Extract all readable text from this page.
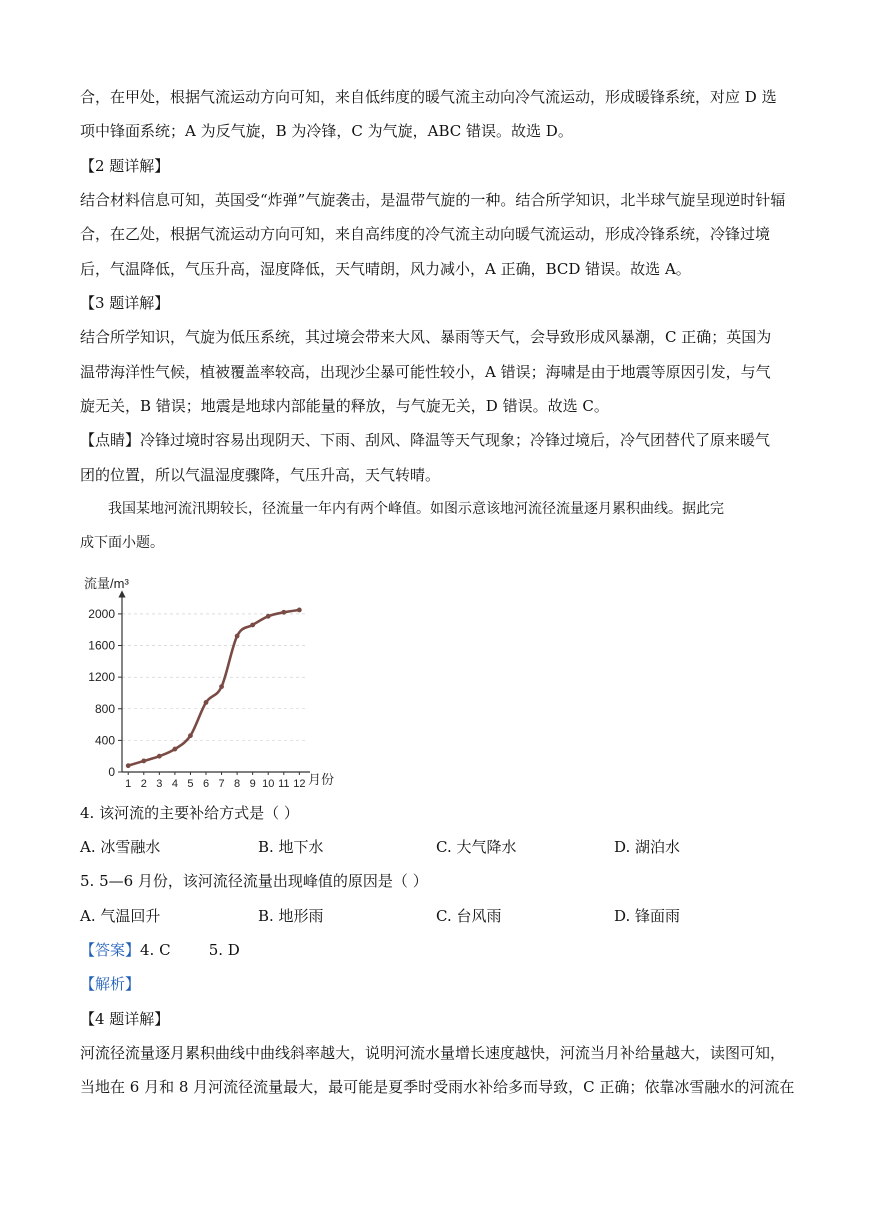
合，在甲处，根据气流运动方向可知，来自低纬度的暖气流主动向冷气流运动，形成暖锋系统，对应 D 选
项中锋面系统；A 为反气旋，B 为冷锋，C 为气旋，ABC 错误。故选 D。
【2 题详解】
结合材料信息可知，英国受“炸弹”气旋袭击，是温带气旋的一种。结合所学知识，北半球气旋呈现逆时针辐
合，在乙处，根据气流运动方向可知，来自高纬度的冷气流主动向暖气流运动，形成冷锋系统，冷锋过境
后，气温降低，气压升高，湿度降低，天气晴朗，风力减小，A 正确，BCD 错误。故选 A。
【3 题详解】
结合所学知识，气旋为低压系统，其过境会带来大风、暴雨等天气，会导致形成风暴潮，C 正确；英国为
温带海洋性气候，植被覆盖率较高，出现沙尘暴可能性较小，A 错误；海啸是由于地震等原因引发，与气
旋无关，B 错误；地震是地球内部能量的释放，与气旋无关，D 错误。故选 C。
【点睛】冷锋过境时容易出现阴天、下雨、刮风、降温等天气现象；冷锋过境后，冷气团替代了原来暖气
团的位置，所以气温湿度骤降，气压升高，天气转晴。
我国某地河流汛期较长，径流量一年内有两个峰值。如图示意该地河流径流量逐月累积曲线。据此完
成下面小题。
流量/m³
月份
0
400
800
1200
1600
2000
1 2 3 4 5 6 7 8 9 10 11 12
4. 该河流的主要补给方式是（ ）
A. 冰雪融水	B. 地下水	C. 大气降水	D. 湖泊水
5. 5—6 月份，该河流径流量出现峰值的原因是（ ）
A. 气温回升	B. 地形雨	C. 台风雨	D. 锋面雨
【答案】4. C        5. D
【解析】
【4 题详解】
河流径流量逐月累积曲线中曲线斜率越大，说明河流水量增长速度越快，河流当月补给量越大，读图可知，
当地在 6 月和 8 月河流径流量最大，最可能是夏季时受雨水补给多而导致，C 正确；依靠冰雪融水的河流在
